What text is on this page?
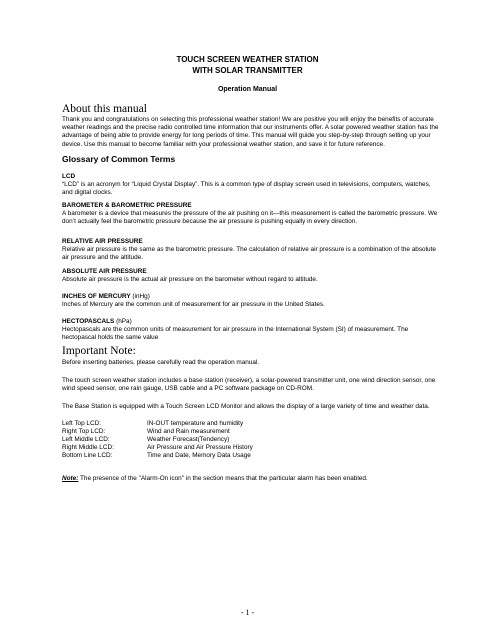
TOUCH SCREEN WEATHER STATION
WITH SOLAR TRANSMITTER
Operation Manual
About this manual

Thank you and congratulations on selecting this professional weather station! We are positive you will enjoy the benefits of accurate weather readings and the precise radio controlled time information that our instruments offer. A solar powered weather station has the advantage of being able to provide energy for long periods of time. This manual will guide you step-by-step through setting up your device. Use this manual to become familiar with your professional weather station, and save it for future reference.

Glossary of Common Terms
LCD

“LCD” is an acronym for “Liquid Crystal Display”. This is a common type of display screen used in televisions, computers, watches, and digital clocks.

BAROMETER & BAROMETRIC PRESSURE

A barometer is a device that measures the pressure of the air pushing on it—this measurement is called the barometric pressure. We don’t actually feel the barometric pressure because the air pressure is pushing equally in every direction.

RELATIVE AIR PRESSURE

Relative air pressure is the same as the barometric pressure. The calculation of relative air pressure is a combination of the absolute air pressure and the altitude.

ABSOLUTE AIR PRESSURE

Absolute air pressure is the actual air pressure on the barometer without regard to altitude.

INCHES OF MERCURY (inHg)

Inches of Mercury are the common unit of measurement for air pressure in the United States.

HECTOPASCALS (hPa)

Hectopascals are the common units of measurement for air pressure in the International System (SI) of measurement. The hectopascal holds the same value

Important Note:

Before inserting batteries, please carefully read the operation manual.

The touch screen weather station includes a base station (receiver), a solar-powered transmitter unit, one wind direction sensor, one wind speed sensor, one rain gauge, USB cable and a PC software package on CD-ROM.

The Base Station is equipped with a Touch Screen LCD Monitor and allows the display of a large variety of time and weather data.

Left Top LCD:	IN-OUT temperature and humidity
Right Top LCD:	Wind and Rain measurement
Left Middle LCD:	Weather Forecast(Tendency)
Right Middle LCD:	Air Pressure and Air Pressure History
Bottom Line LCD:	Time and Date, Memory Data Usage

Note: The presence of the "Alarm-On icon" in the section means that the particular alarm has been enabled.

- 1 -
